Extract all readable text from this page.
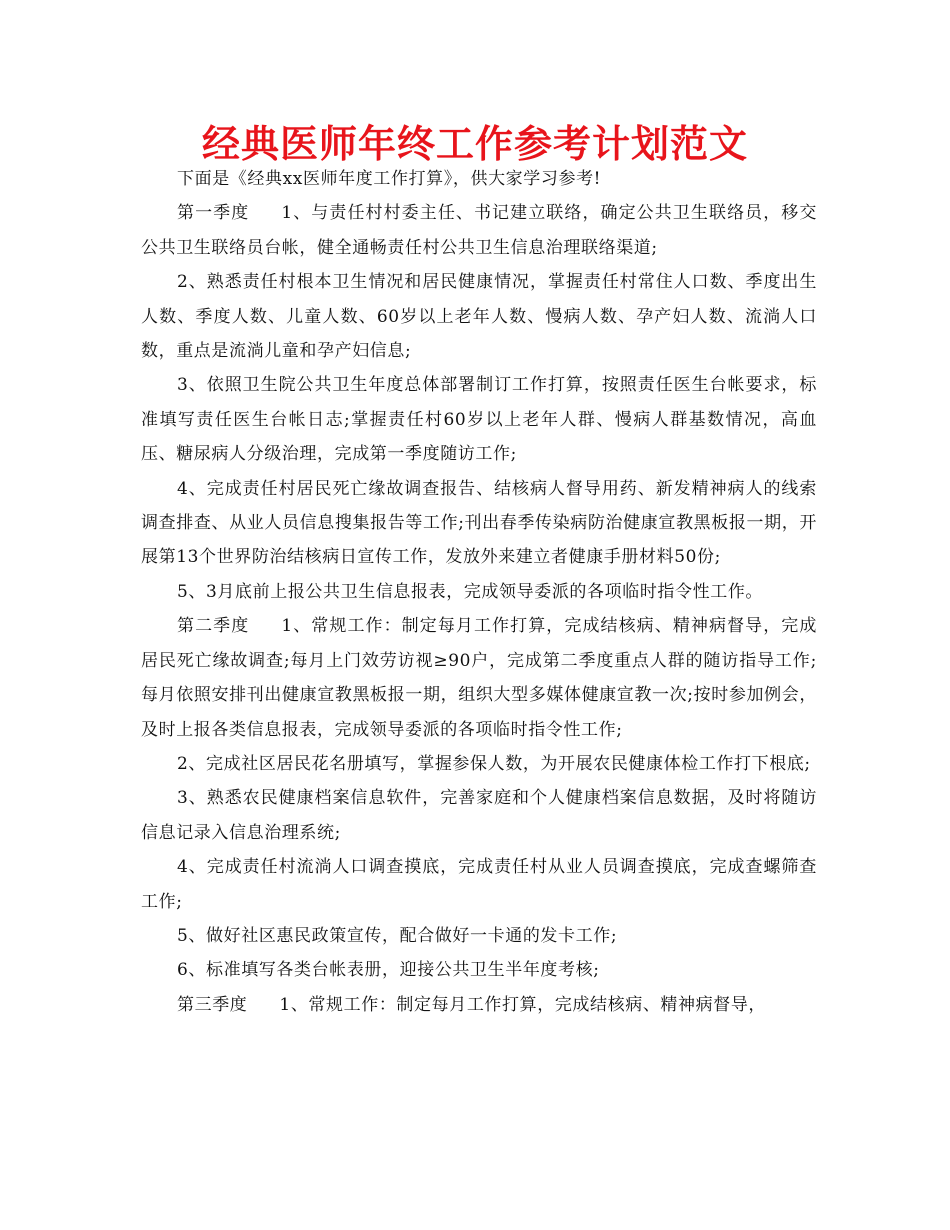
经典医师年终工作参考计划范文

下面是《经典xx医师年度工作打算》，供大家学习参考!

第一季度 1、与责任村村委主任、书记建立联络，确定公共卫生联络员，移交公共卫生联络员台帐，健全通畅责任村公共卫生信息治理联络渠道;

2、熟悉责任村根本卫生情况和居民健康情况，掌握责任村常住人口数、季度出生人数、季度人数、儿童人数、60岁以上老年人数、慢病人数、孕产妇人数、流淌人口数，重点是流淌儿童和孕产妇信息;

3、依照卫生院公共卫生年度总体部署制订工作打算，按照责任医生台帐要求，标准填写责任医生台帐日志;掌握责任村60岁以上老年人群、慢病人群基数情况，高血压、糖尿病人分级治理，完成第一季度随访工作;

4、完成责任村居民死亡缘故调查报告、结核病人督导用药、新发精神病人的线索调查排查、从业人员信息搜集报告等工作;刊出春季传染病防治健康宣教黑板报一期，开展第13个世界防治结核病日宣传工作，发放外来建立者健康手册材料50份;

5、3月底前上报公共卫生信息报表，完成领导委派的各项临时指令性工作。

第二季度 1、常规工作：制定每月工作打算，完成结核病、精神病督导，完成居民死亡缘故调查;每月上门效劳访视≥90户，完成第二季度重点人群的随访指导工作;每月依照安排刊出健康宣教黑板报一期，组织大型多媒体健康宣教一次;按时参加例会，及时上报各类信息报表，完成领导委派的各项临时指令性工作;

2、完成社区居民花名册填写，掌握参保人数，为开展农民健康体检工作打下根底;

3、熟悉农民健康档案信息软件，完善家庭和个人健康档案信息数据，及时将随访信息记录入信息治理系统;

4、完成责任村流淌人口调查摸底，完成责任村从业人员调查摸底，完成查螺筛查工作;

5、做好社区惠民政策宣传，配合做好一卡通的发卡工作;

6、标准填写各类台帐表册，迎接公共卫生半年度考核;

第三季度 1、常规工作：制定每月工作打算，完成结核病、精神病督导，
